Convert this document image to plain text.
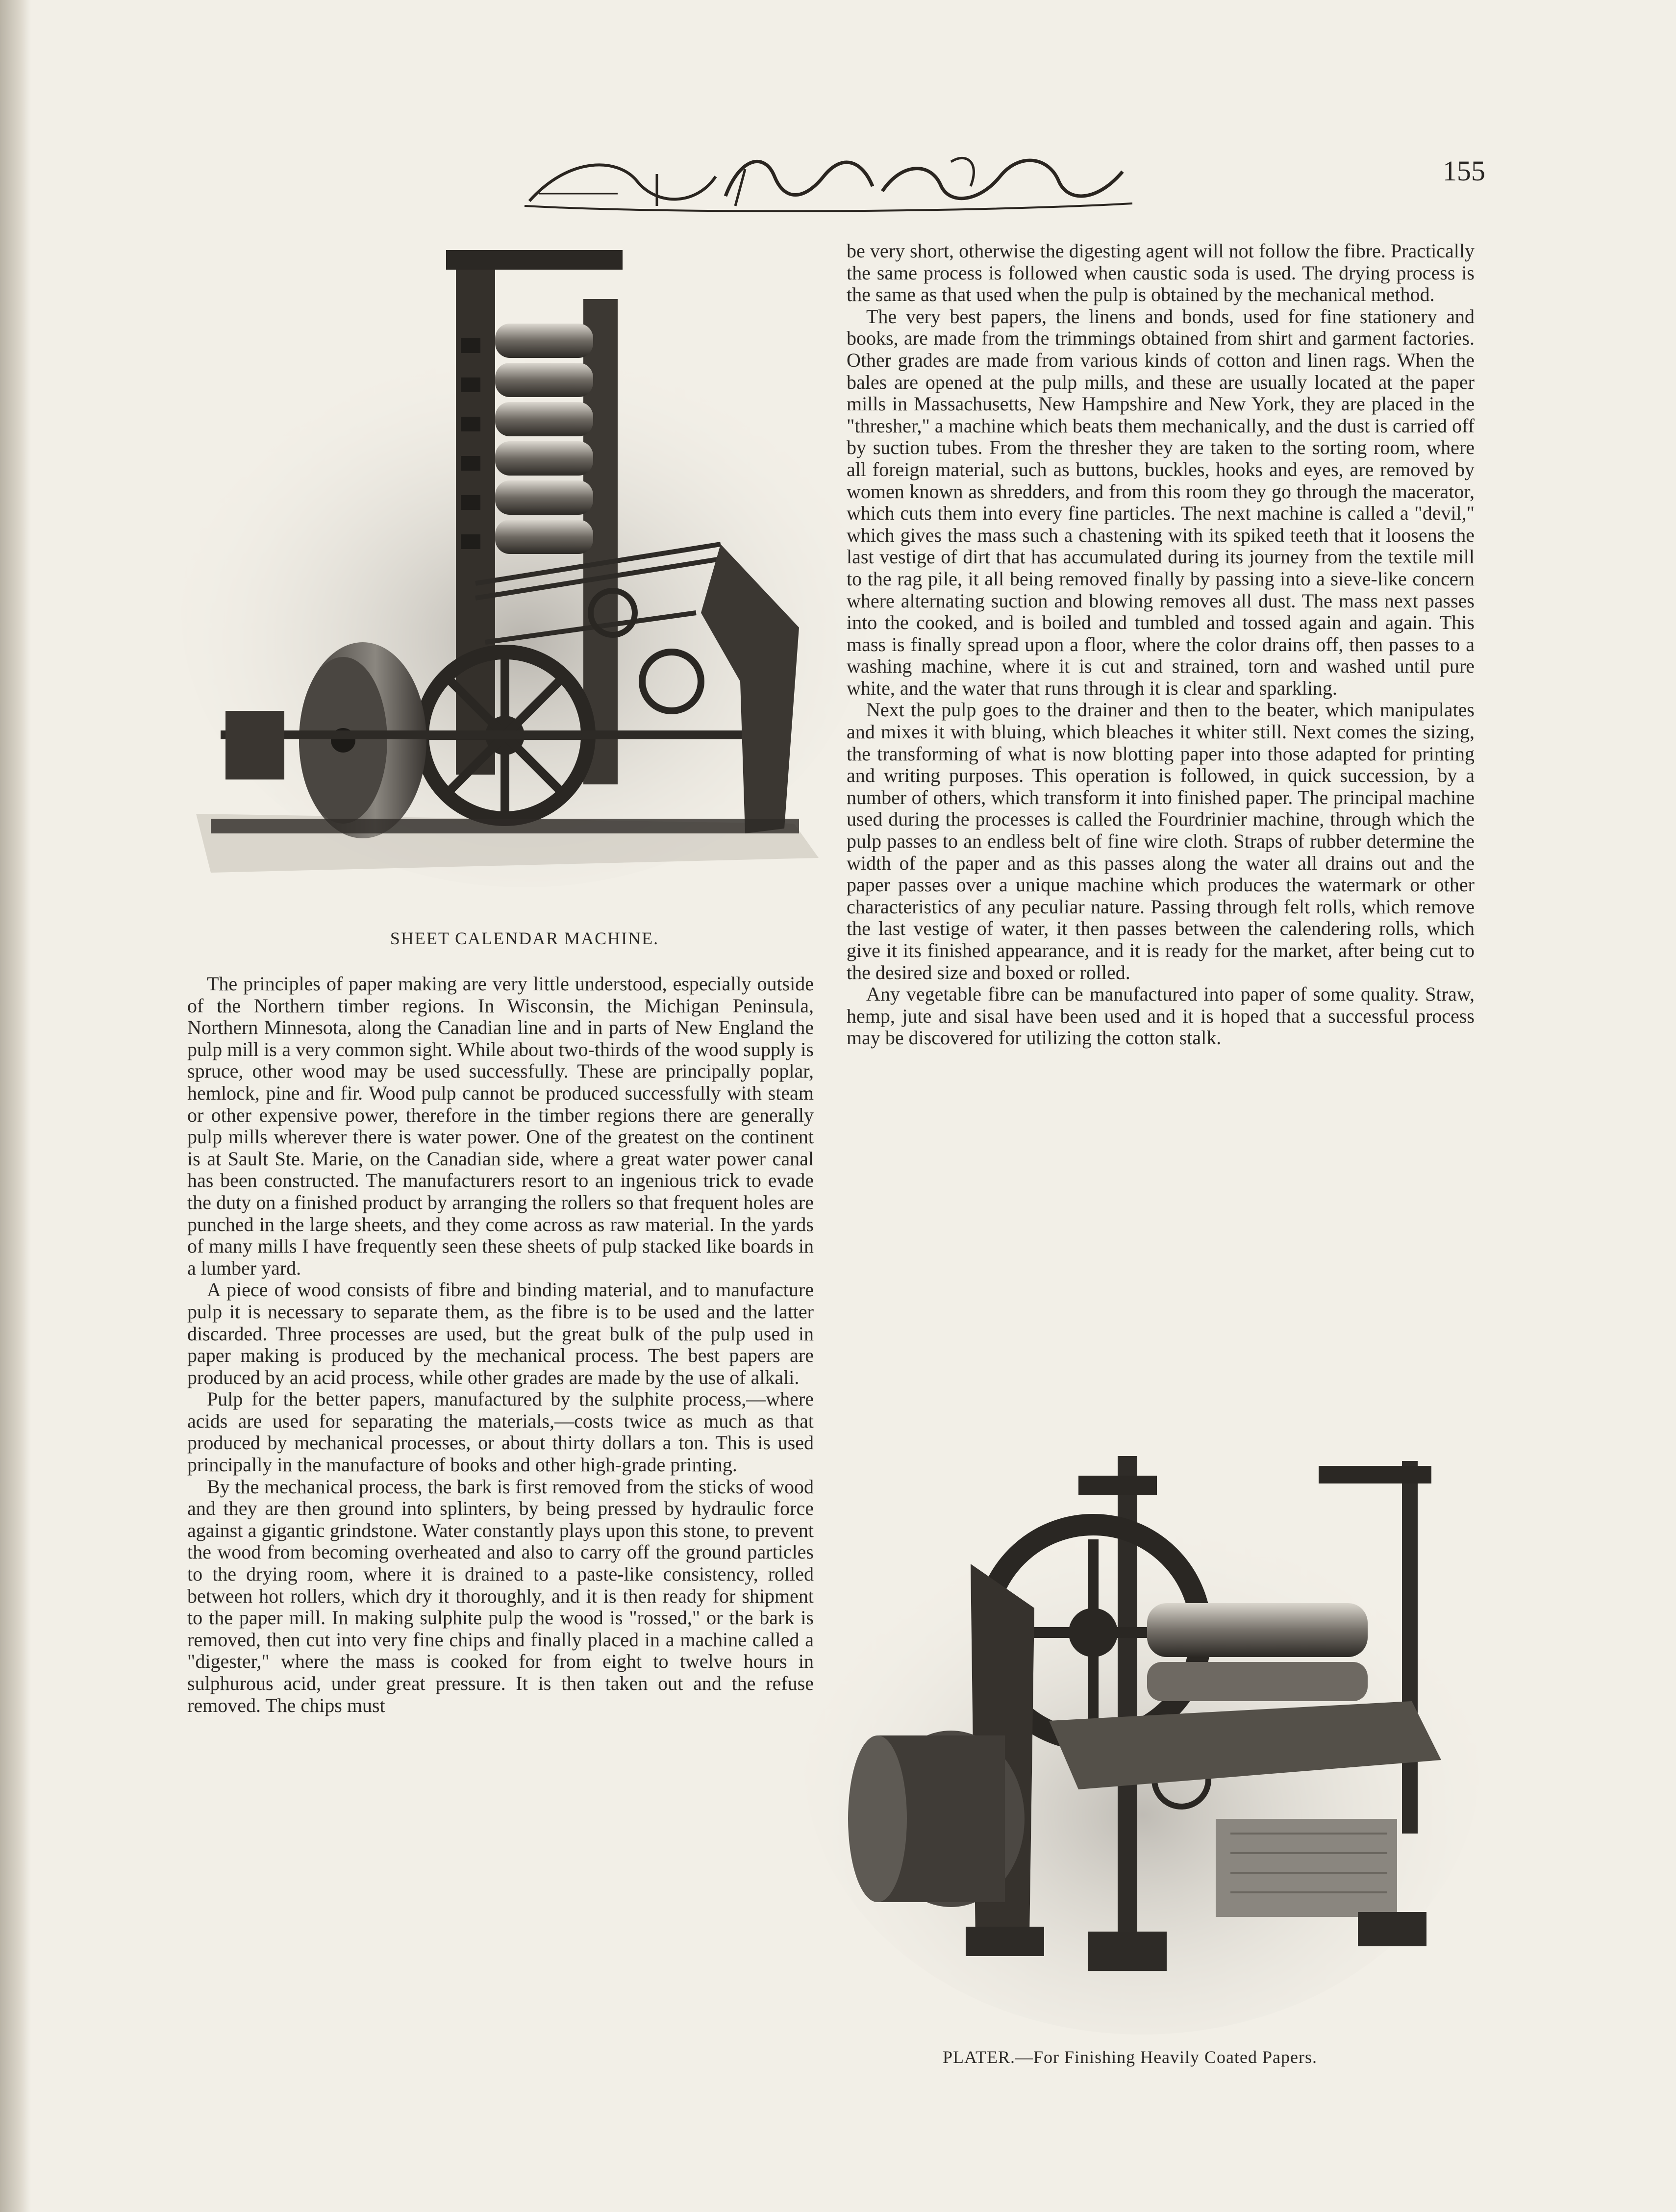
155
SHEET CALENDAR MACHINE.

The principles of paper making are very little understood, especially outside of the Northern timber regions. In Wisconsin, the Michigan Peninsula, Northern Minnesota, along the Canadian line and in parts of New England the pulp mill is a very common sight. While about two-thirds of the wood supply is spruce, other wood may be used successfully. These are principally poplar, hemlock, pine and fir. Wood pulp cannot be produced successfully with steam or other expensive power, therefore in the timber regions there are generally pulp mills wherever there is water power. One of the greatest on the continent is at Sault Ste. Marie, on the Canadian side, where a great water power canal has been constructed. The manufacturers resort to an ingenious trick to evade the duty on a finished product by arranging the rollers so that frequent holes are punched in the large sheets, and they come across as raw material. In the yards of many mills I have frequently seen these sheets of pulp stacked like boards in a lumber yard.

A piece of wood consists of fibre and binding material, and to manufacture pulp it is necessary to separate them, as the fibre is to be used and the latter discarded. Three processes are used, but the great bulk of the pulp used in paper making is produced by the mechanical process. The best papers are produced by an acid process, while other grades are made by the use of alkali.

Pulp for the better papers, manufactured by the sulphite process,—where acids are used for separating the materials,—costs twice as much as that produced by mechanical processes, or about thirty dollars a ton. This is used principally in the manufacture of books and other high-grade printing.

By the mechanical process, the bark is first removed from the sticks of wood and they are then ground into splinters, by being pressed by hydraulic force against a gigantic grindstone. Water constantly plays upon this stone, to prevent the wood from becoming overheated and also to carry off the ground particles to the drying room, where it is drained to a paste-like consistency, rolled between hot rollers, which dry it thoroughly, and it is then ready for shipment to the paper mill. In making sulphite pulp the wood is "rossed," or the bark is removed, then cut into very fine chips and finally placed in a machine called a "digester," where the mass is cooked for from eight to twelve hours in sulphurous acid, under great pressure. It is then taken out and the refuse removed. The chips must

be very short, otherwise the digesting agent will not follow the fibre. Practically the same process is followed when caustic soda is used. The drying process is the same as that used when the pulp is obtained by the mechanical method.

The very best papers, the linens and bonds, used for fine stationery and books, are made from the trimmings obtained from shirt and garment factories. Other grades are made from various kinds of cotton and linen rags. When the bales are opened at the pulp mills, and these are usually located at the paper mills in Massachusetts, New Hampshire and New York, they are placed in the "thresher," a machine which beats them mechanically, and the dust is carried off by suction tubes. From the thresher they are taken to the sorting room, where all foreign material, such as buttons, buckles, hooks and eyes, are removed by women known as shredders, and from this room they go through the macerator, which cuts them into every fine particles. The next machine is called a "devil," which gives the mass such a chastening with its spiked teeth that it loosens the last vestige of dirt that has accumulated during its journey from the textile mill to the rag pile, it all being removed finally by passing into a sieve-like concern where alternating suction and blowing removes all dust. The mass next passes into the cooked, and is boiled and tumbled and tossed again and again. This mass is finally spread upon a floor, where the color drains off, then passes to a washing machine, where it is cut and strained, torn and washed until pure white, and the water that runs through it is clear and sparkling.

Next the pulp goes to the drainer and then to the beater, which manipulates and mixes it with bluing, which bleaches it whiter still. Next comes the sizing, the transforming of what is now blotting paper into those adapted for printing and writing purposes. This operation is followed, in quick succession, by a number of others, which transform it into finished paper. The principal machine used during the processes is called the Fourdrinier machine, through which the pulp passes to an endless belt of fine wire cloth. Straps of rubber determine the width of the paper and as this passes along the water all drains out and the paper passes over a unique machine which produces the watermark or other characteristics of any peculiar nature. Passing through felt rolls, which remove the last vestige of water, it then passes between the calendering rolls, which give it its finished appearance, and it is ready for the market, after being cut to the desired size and boxed or rolled.

Any vegetable fibre can be manufactured into paper of some quality. Straw, hemp, jute and sisal have been used and it is hoped that a successful process may be discovered for utilizing the cotton stalk.

PLATER.—For Finishing Heavily Coated Papers.
